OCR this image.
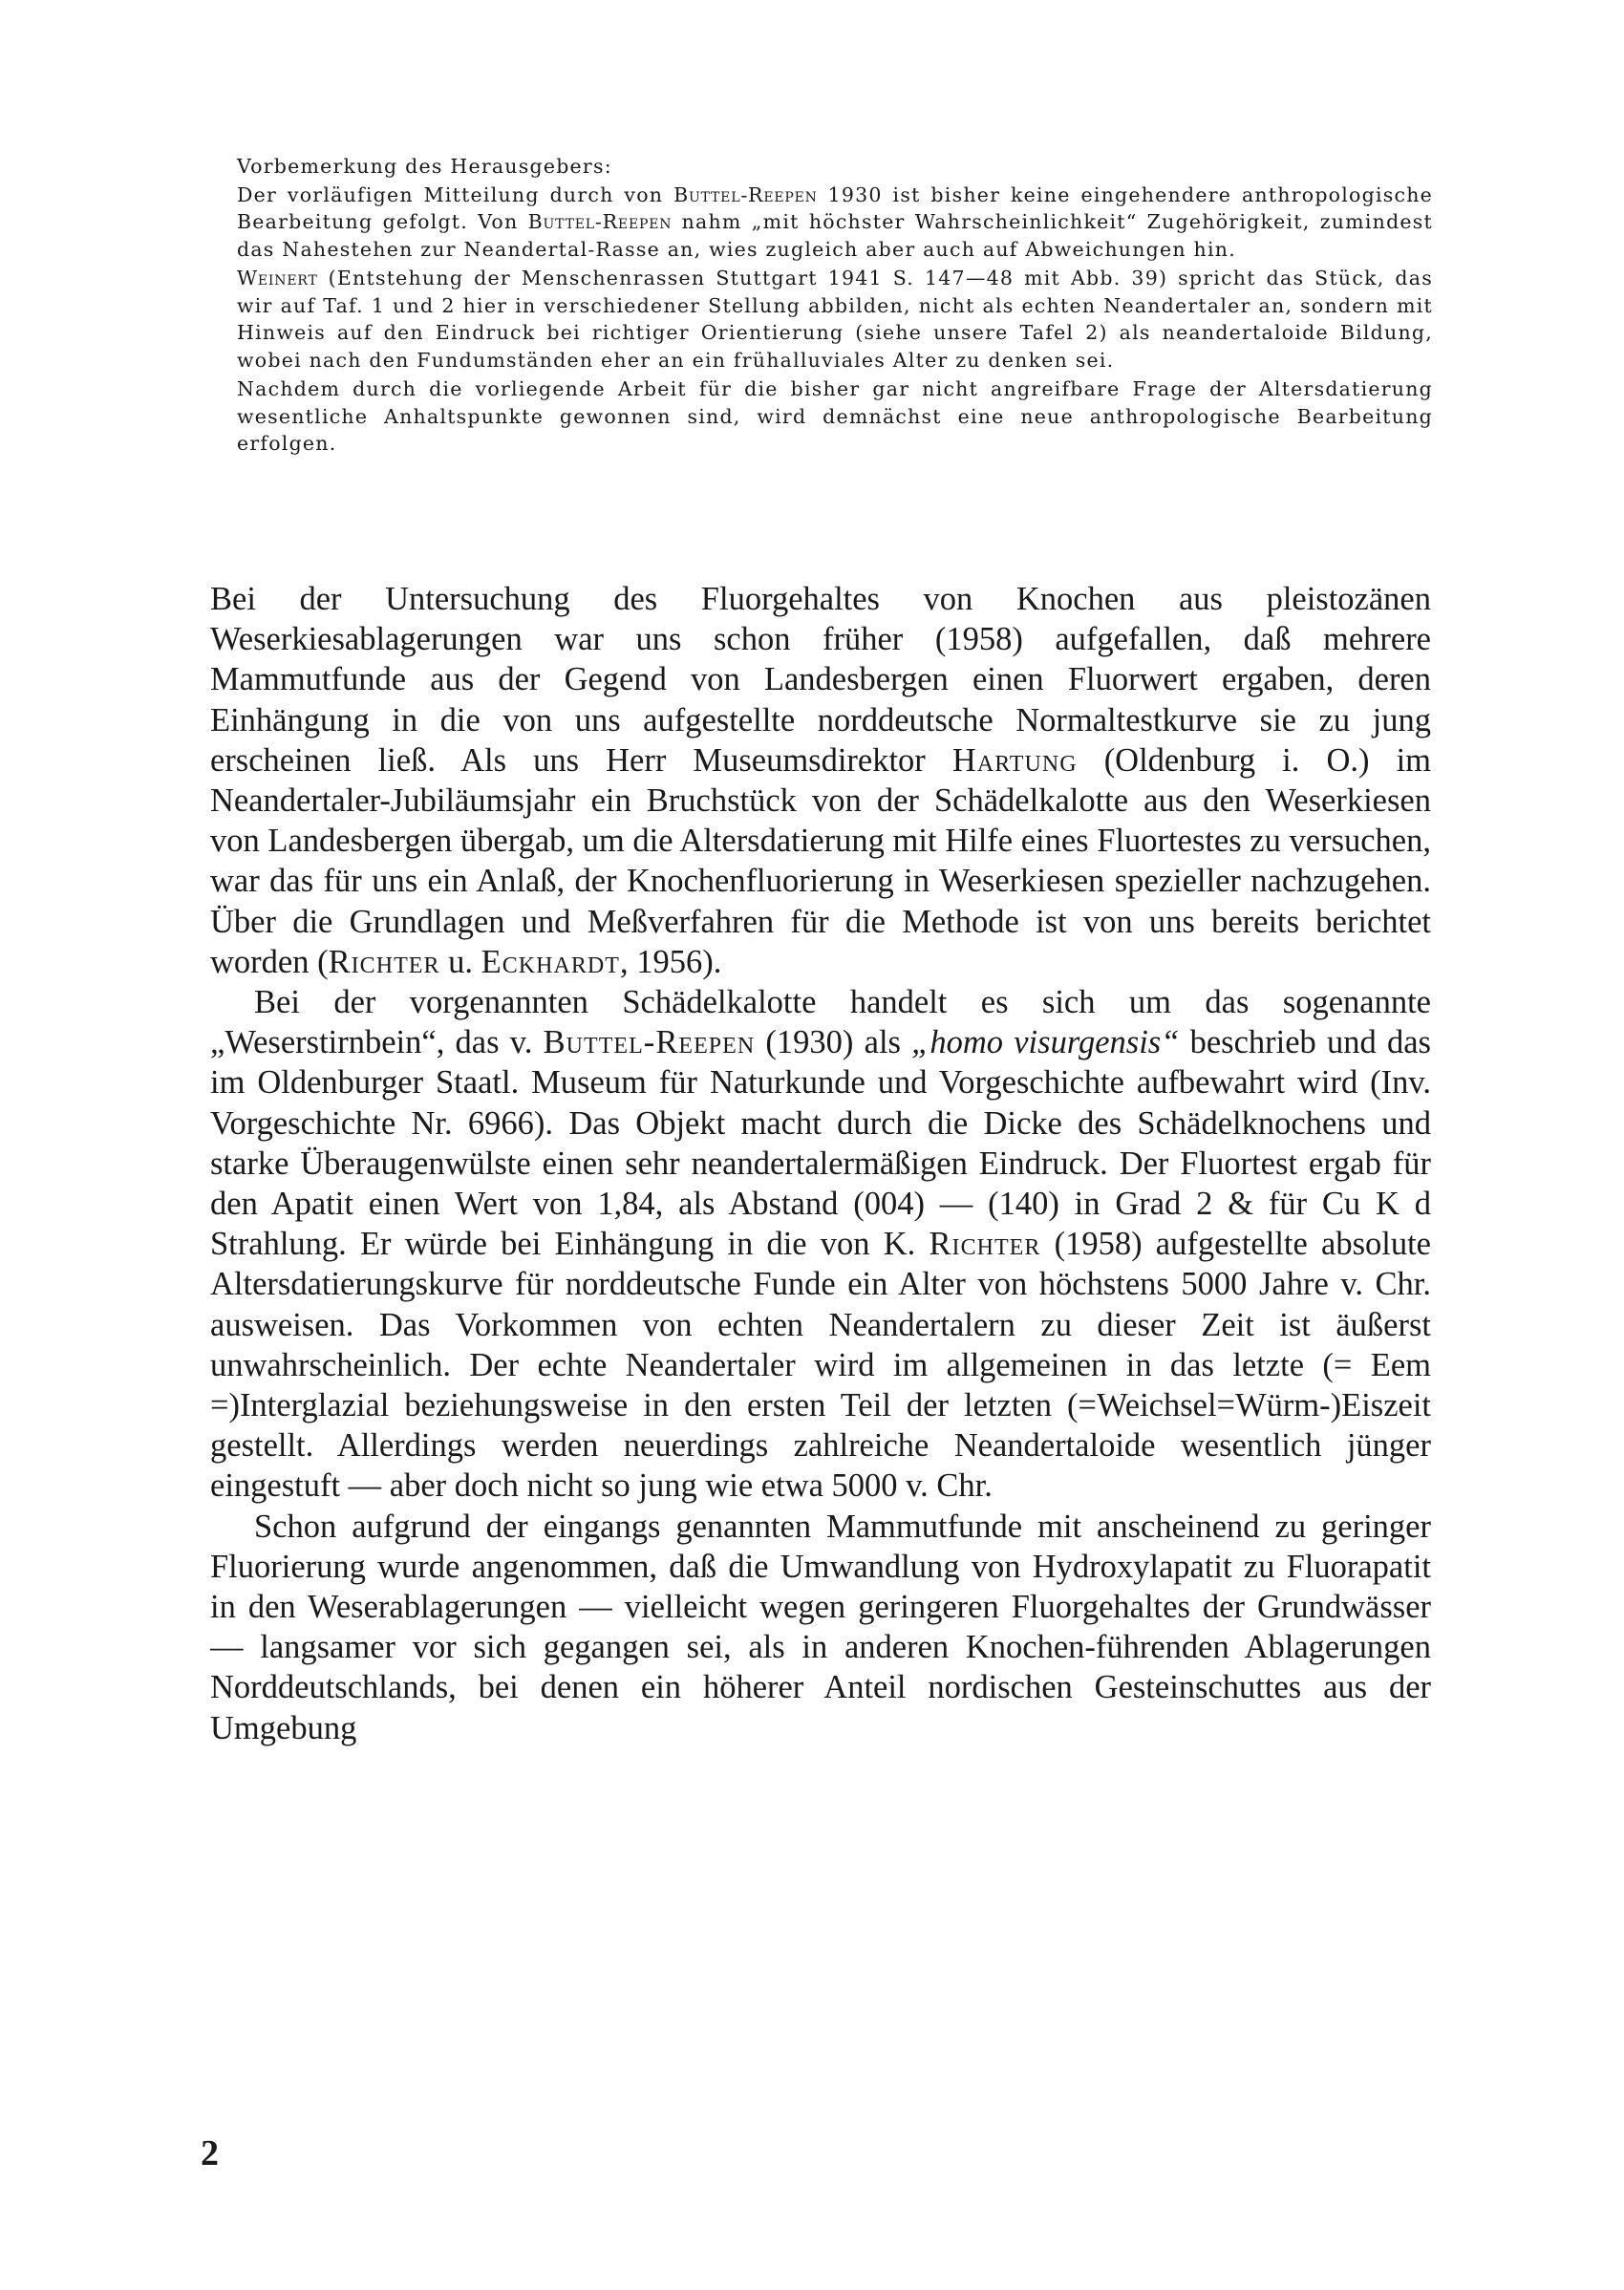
Vorbemerkung des Herausgebers:

Der vorläufigen Mitteilung durch von Buttel-Reepen 1930 ist bisher keine eingehendere anthropologische Bearbeitung gefolgt. Von Buttel-Reepen nahm „mit höchster Wahrscheinlichkeit“ Zugehörigkeit, zumindest das Nahestehen zur Neandertal-Rasse an, wies zugleich aber auch auf Abweichungen hin.

Weinert (Entstehung der Menschenrassen Stuttgart 1941 S. 147—48 mit Abb. 39) spricht das Stück, das wir auf Taf. 1 und 2 hier in verschiedener Stellung abbilden, nicht als echten Neandertaler an, sondern mit Hinweis auf den Eindruck bei richtiger Orientierung (siehe unsere Tafel 2) als neandertaloide Bildung, wobei nach den Fundumständen eher an ein frühalluviales Alter zu denken sei.

Nachdem durch die vorliegende Arbeit für die bisher gar nicht angreifbare Frage der Altersdatierung wesentliche Anhaltspunkte gewonnen sind, wird demnächst eine neue anthropologische Bearbeitung erfolgen.

Bei der Untersuchung des Fluorgehaltes von Knochen aus pleistozänen Weserkiesablagerungen war uns schon früher (1958) aufgefallen, daß mehrere Mammutfunde aus der Gegend von Landesbergen einen Fluorwert ergaben, deren Einhängung in die von uns aufgestellte norddeutsche Normaltestkurve sie zu jung erscheinen ließ. Als uns Herr Museumsdirektor Hartung (Oldenburg i. O.) im Neandertaler-Jubiläumsjahr ein Bruchstück von der Schädelkalotte aus den Weserkiesen von Landesbergen übergab, um die Altersdatierung mit Hilfe eines Fluortestes zu versuchen, war das für uns ein Anlaß, der Knochenfluorierung in Weserkiesen spezieller nachzugehen. Über die Grundlagen und Meßverfahren für die Methode ist von uns bereits berichtet worden (Richter u. Eckhardt, 1956).

Bei der vorgenannten Schädelkalotte handelt es sich um das sogenannte „Weserstirnbein“, das v. Buttel-Reepen (1930) als „homo visurgensis“ beschrieb und das im Oldenburger Staatl. Museum für Naturkunde und Vorgeschichte aufbewahrt wird (Inv. Vorgeschichte Nr. 6966). Das Objekt macht durch die Dicke des Schädelknochens und starke Überaugenwülste einen sehr neandertalermäßigen Eindruck. Der Fluortest ergab für den Apatit einen Wert von 1,84, als Abstand (004) — (140) in Grad 2 & für Cu K d Strahlung. Er würde bei Einhängung in die von K. Richter (1958) aufgestellte absolute Altersdatierungskurve für norddeutsche Funde ein Alter von höchstens 5000 Jahre v. Chr. ausweisen. Das Vorkommen von echten Neandertalern zu dieser Zeit ist äußerst unwahrscheinlich. Der echte Neandertaler wird im allgemeinen in das letzte (= Eem =)Interglazial beziehungsweise in den ersten Teil der letzten (=Weichsel=Würm-)Eiszeit gestellt. Allerdings werden neuerdings zahlreiche Neandertaloide wesentlich jünger eingestuft — aber doch nicht so jung wie etwa 5000 v. Chr.

Schon aufgrund der eingangs genannten Mammutfunde mit anscheinend zu geringer Fluorierung wurde angenommen, daß die Umwandlung von Hydroxylapatit zu Fluorapatit in den Weserablagerungen — vielleicht wegen geringeren Fluorgehaltes der Grundwässer — langsamer vor sich gegangen sei, als in anderen Knochen-führenden Ablagerungen Norddeutschlands, bei denen ein höherer Anteil nordischen Gesteinschuttes aus der Umgebung

2
